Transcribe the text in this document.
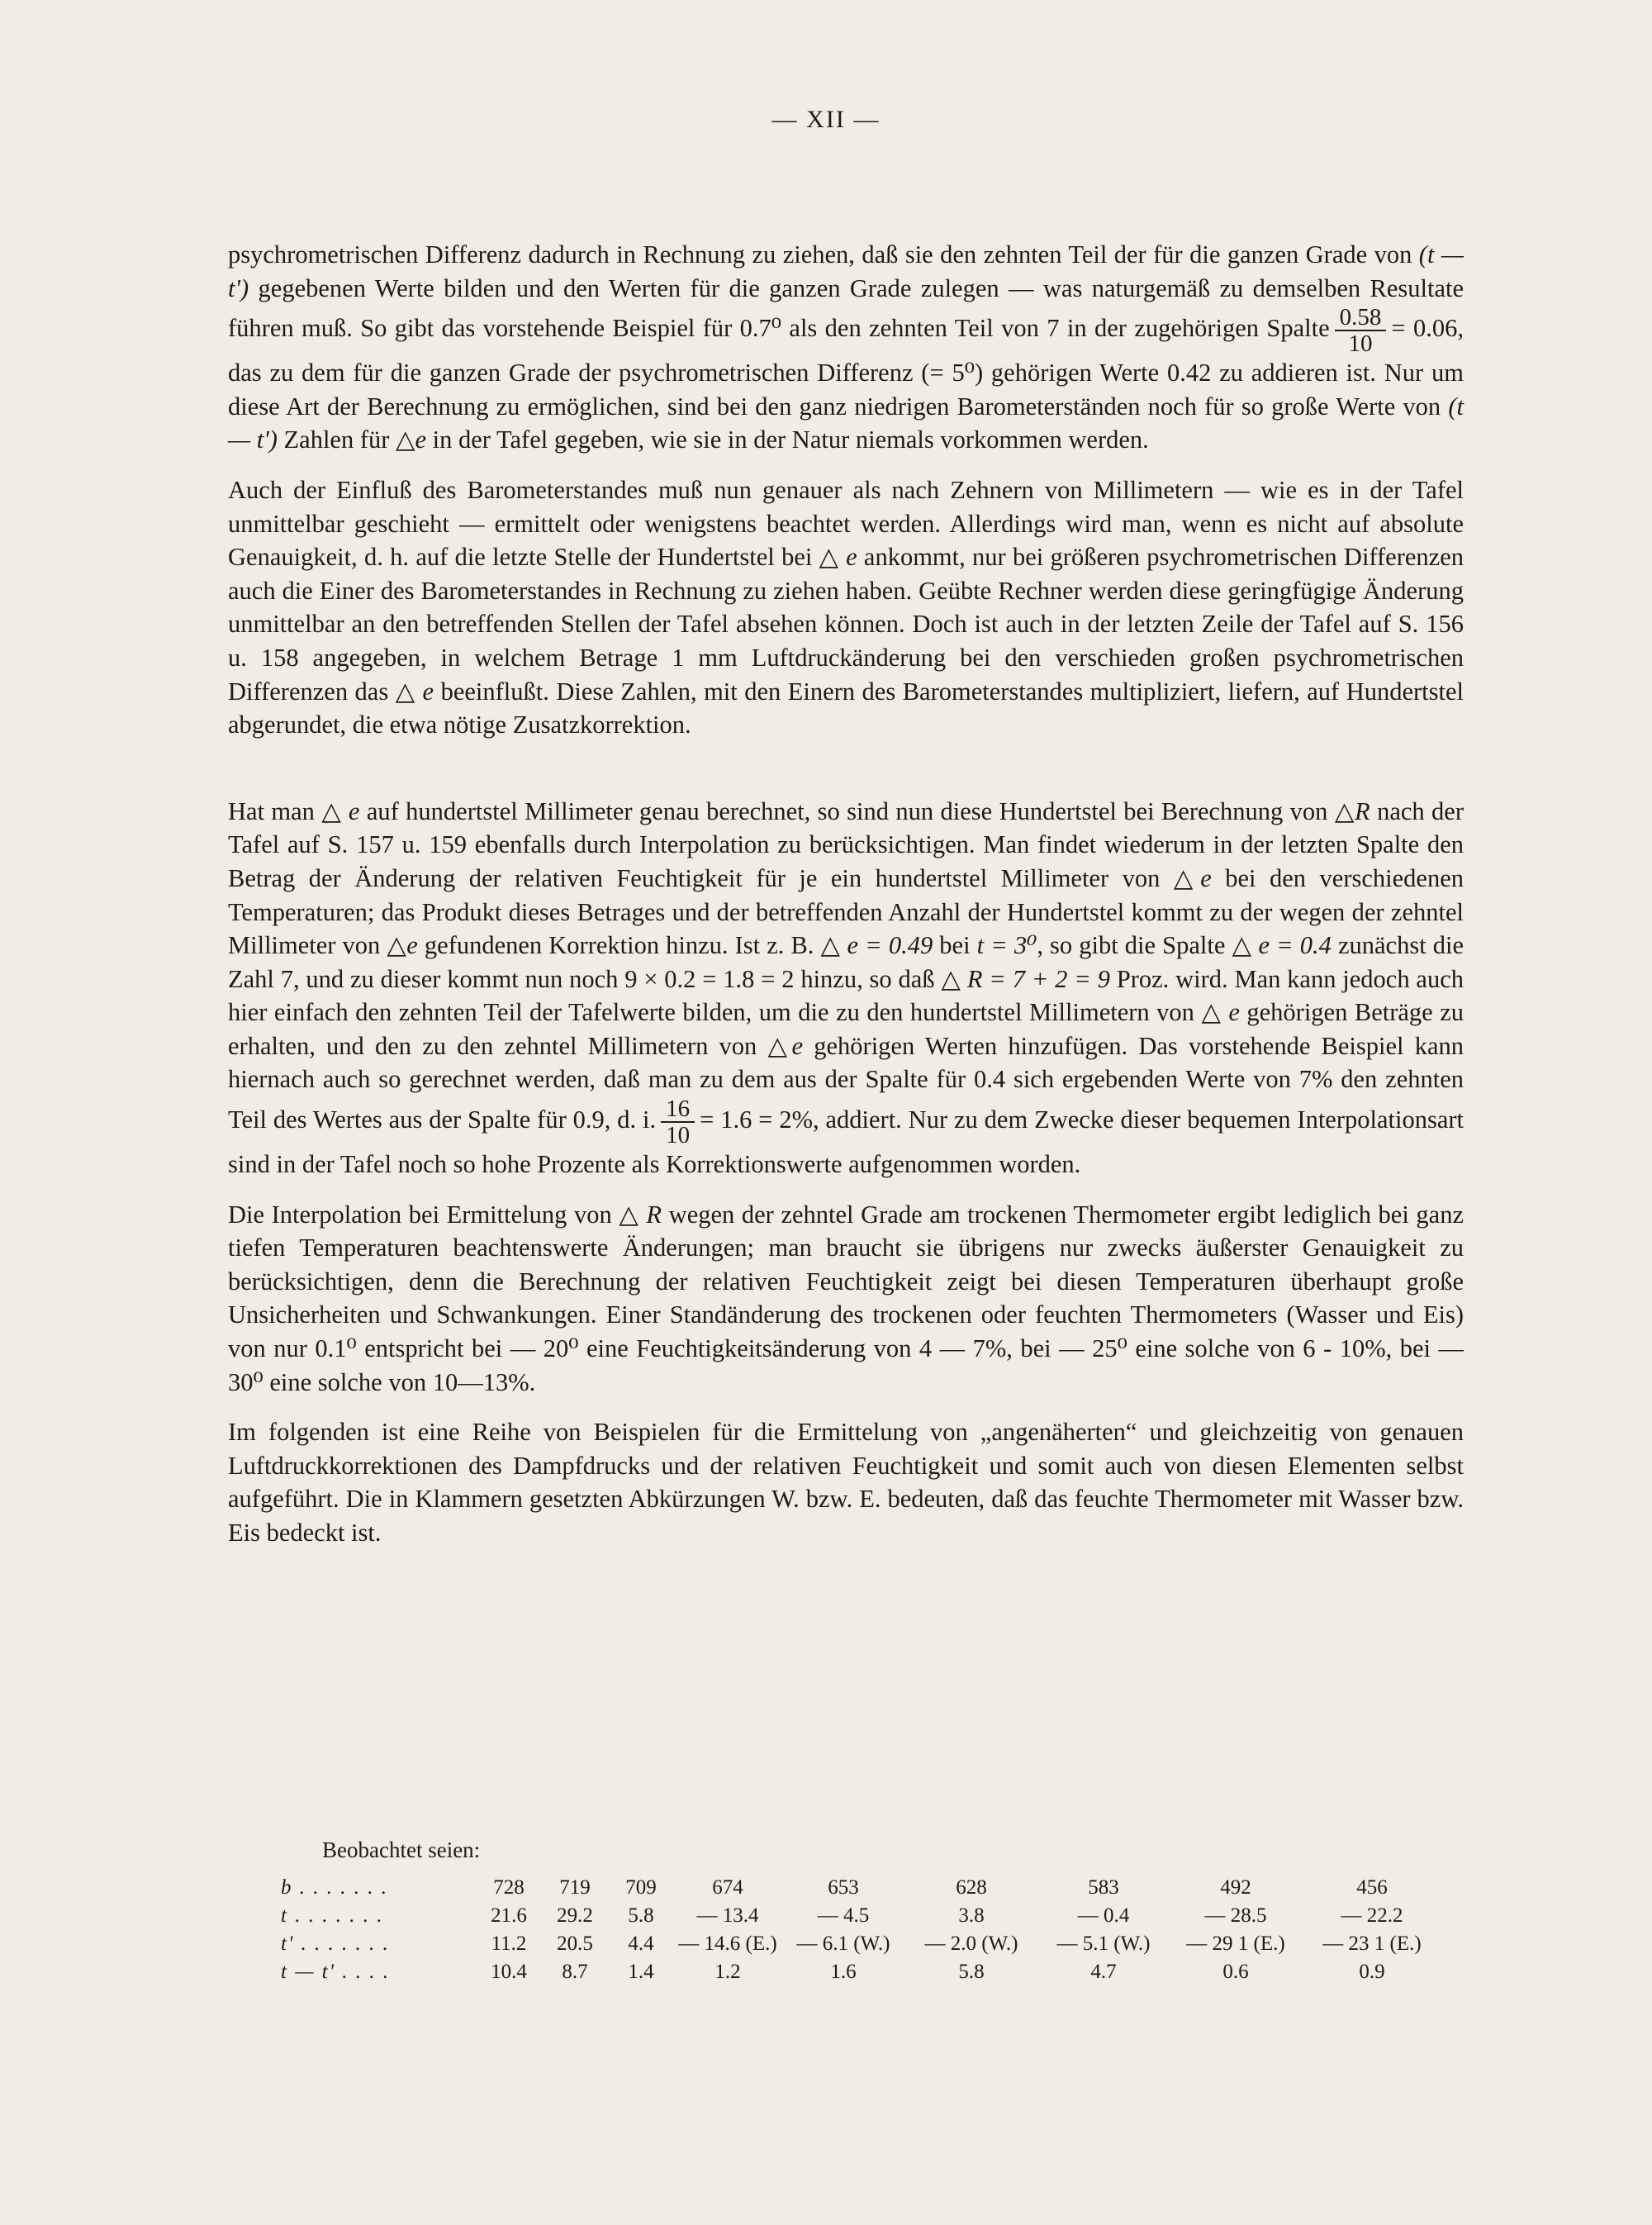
— XII —

psychrometrischen Differenz dadurch in Rechnung zu ziehen, daß sie den zehnten Teil der für die ganzen Grade von (t — t') gegebenen Werte bilden und den Werten für die ganzen Grade zulegen — was naturgemäß zu demselben Resultate führen muß. So gibt das vorstehende Beispiel für 0.7⁰ als den zehnten Teil von 7 in der zugehörigen Spalte $\frac{0.58}{10} = 0.06$, das zu dem für die ganzen Grade der psychrometrischen Differenz (= 5⁰) gehörigen Werte 0.42 zu addieren ist. Nur um diese Art der Berechnung zu ermöglichen, sind bei den ganz niedrigen Barometerständen noch für so große Werte von (t — t') Zahlen für △e in der Tafel gegeben, wie sie in der Natur niemals vorkommen werden.

Auch der Einfluß des Barometerstandes muß nun genauer als nach Zehnern von Millimetern — wie es in der Tafel unmittelbar geschieht — ermittelt oder wenigstens beachtet werden. Allerdings wird man, wenn es nicht auf absolute Genauigkeit, d. h. auf die letzte Stelle der Hundertstel bei △ e ankommt, nur bei größeren psychrometrischen Differenzen auch die Einer des Barometerstandes in Rechnung zu ziehen haben. Geübte Rechner werden diese geringfügige Änderung unmittelbar an den betreffenden Stellen der Tafel absehen können. Doch ist auch in der letzten Zeile der Tafel auf S. 156 u. 158 angegeben, in welchem Betrage 1 mm Luftdruckänderung bei den verschieden großen psychrometrischen Differenzen das △ e beeinflußt. Diese Zahlen, mit den Einern des Barometerstandes multipliziert, liefern, auf Hundertstel abgerundet, die etwa nötige Zusatzkorrektion.

Hat man △ e auf hundertstel Millimeter genau berechnet, so sind nun diese Hundertstel bei Berechnung von △R nach der Tafel auf S. 157 u. 159 ebenfalls durch Interpolation zu berücksichtigen. Man findet wiederum in der letzten Spalte den Betrag der Änderung der relativen Feuchtigkeit für je ein hundertstel Millimeter von △e bei den verschiedenen Temperaturen; das Produkt dieses Betrages und der betreffenden Anzahl der Hundertstel kommt zu der wegen der zehntel Millimeter von △e gefundenen Korrektion hinzu. Ist z. B. △ e = 0.49 bei t = 3⁰, so gibt die Spalte △ e = 0.4 zunächst die Zahl 7, und zu dieser kommt nun noch 9 × 0.2 = 1.8 = 2 hinzu, so daß △ R = 7 + 2 = 9 Proz. wird. Man kann jedoch auch hier einfach den zehnten Teil der Tafelwerte bilden, um die zu den hundertstel Millimetern von △ e gehörigen Beträge zu erhalten, und den zu den zehntel Millimetern von △e gehörigen Werten hinzufügen. Das vorstehende Beispiel kann hiernach auch so gerechnet werden, daß man zu dem aus der Spalte für 0.4 sich ergebenden Werte von 7% den zehnten Teil des Wertes aus der Spalte für 0.9, d. i. $\frac{16}{10} = 1.6 = 2\%$, addiert. Nur zu dem Zwecke dieser bequemen Interpolationsart sind in der Tafel noch so hohe Prozente als Korrektionswerte aufgenommen worden.

Die Interpolation bei Ermittelung von △ R wegen der zehntel Grade am trockenen Thermometer ergibt lediglich bei ganz tiefen Temperaturen beachtenswerte Änderungen; man braucht sie übrigens nur zwecks äußerster Genauigkeit zu berücksichtigen, denn die Berechnung der relativen Feuchtigkeit zeigt bei diesen Temperaturen überhaupt große Unsicherheiten und Schwankungen. Einer Standänderung des trockenen oder feuchten Thermometers (Wasser und Eis) von nur 0.1⁰ entspricht bei — 20⁰ eine Feuchtigkeitsänderung von 4 — 7%, bei — 25⁰ eine solche von 6 - 10%, bei — 30⁰ eine solche von 10—13%.

Im folgenden ist eine Reihe von Beispielen für die Ermittelung von „angenäherten“ und gleichzeitig von genauen Luftdruckkorrektionen des Dampfdrucks und der relativen Feuchtigkeit und somit auch von diesen Elementen selbst aufgeführt. Die in Klammern gesetzten Abkürzungen W. bzw. E. bedeuten, daß das feuchte Thermometer mit Wasser bzw. Eis bedeckt ist.

Beobachtet seien:
b . . . . . . .	728	719	709	674	653	628	583	492	456
t . . . . . . .	21.6	29.2	5.8	— 13.4	— 4.5	3.8	— 0.4	— 28.5	— 22.2
t' . . . . . . .	11.2	20.5	4.4	— 14.6 (E.)	— 6.1 (W.)	— 2.0 (W.)	— 5.1 (W.)	— 29 1 (E.)	— 23 1 (E.)
t — t' . . . .	10.4	8.7	1.4	1.2	1.6	5.8	4.7	0.6	0.9
